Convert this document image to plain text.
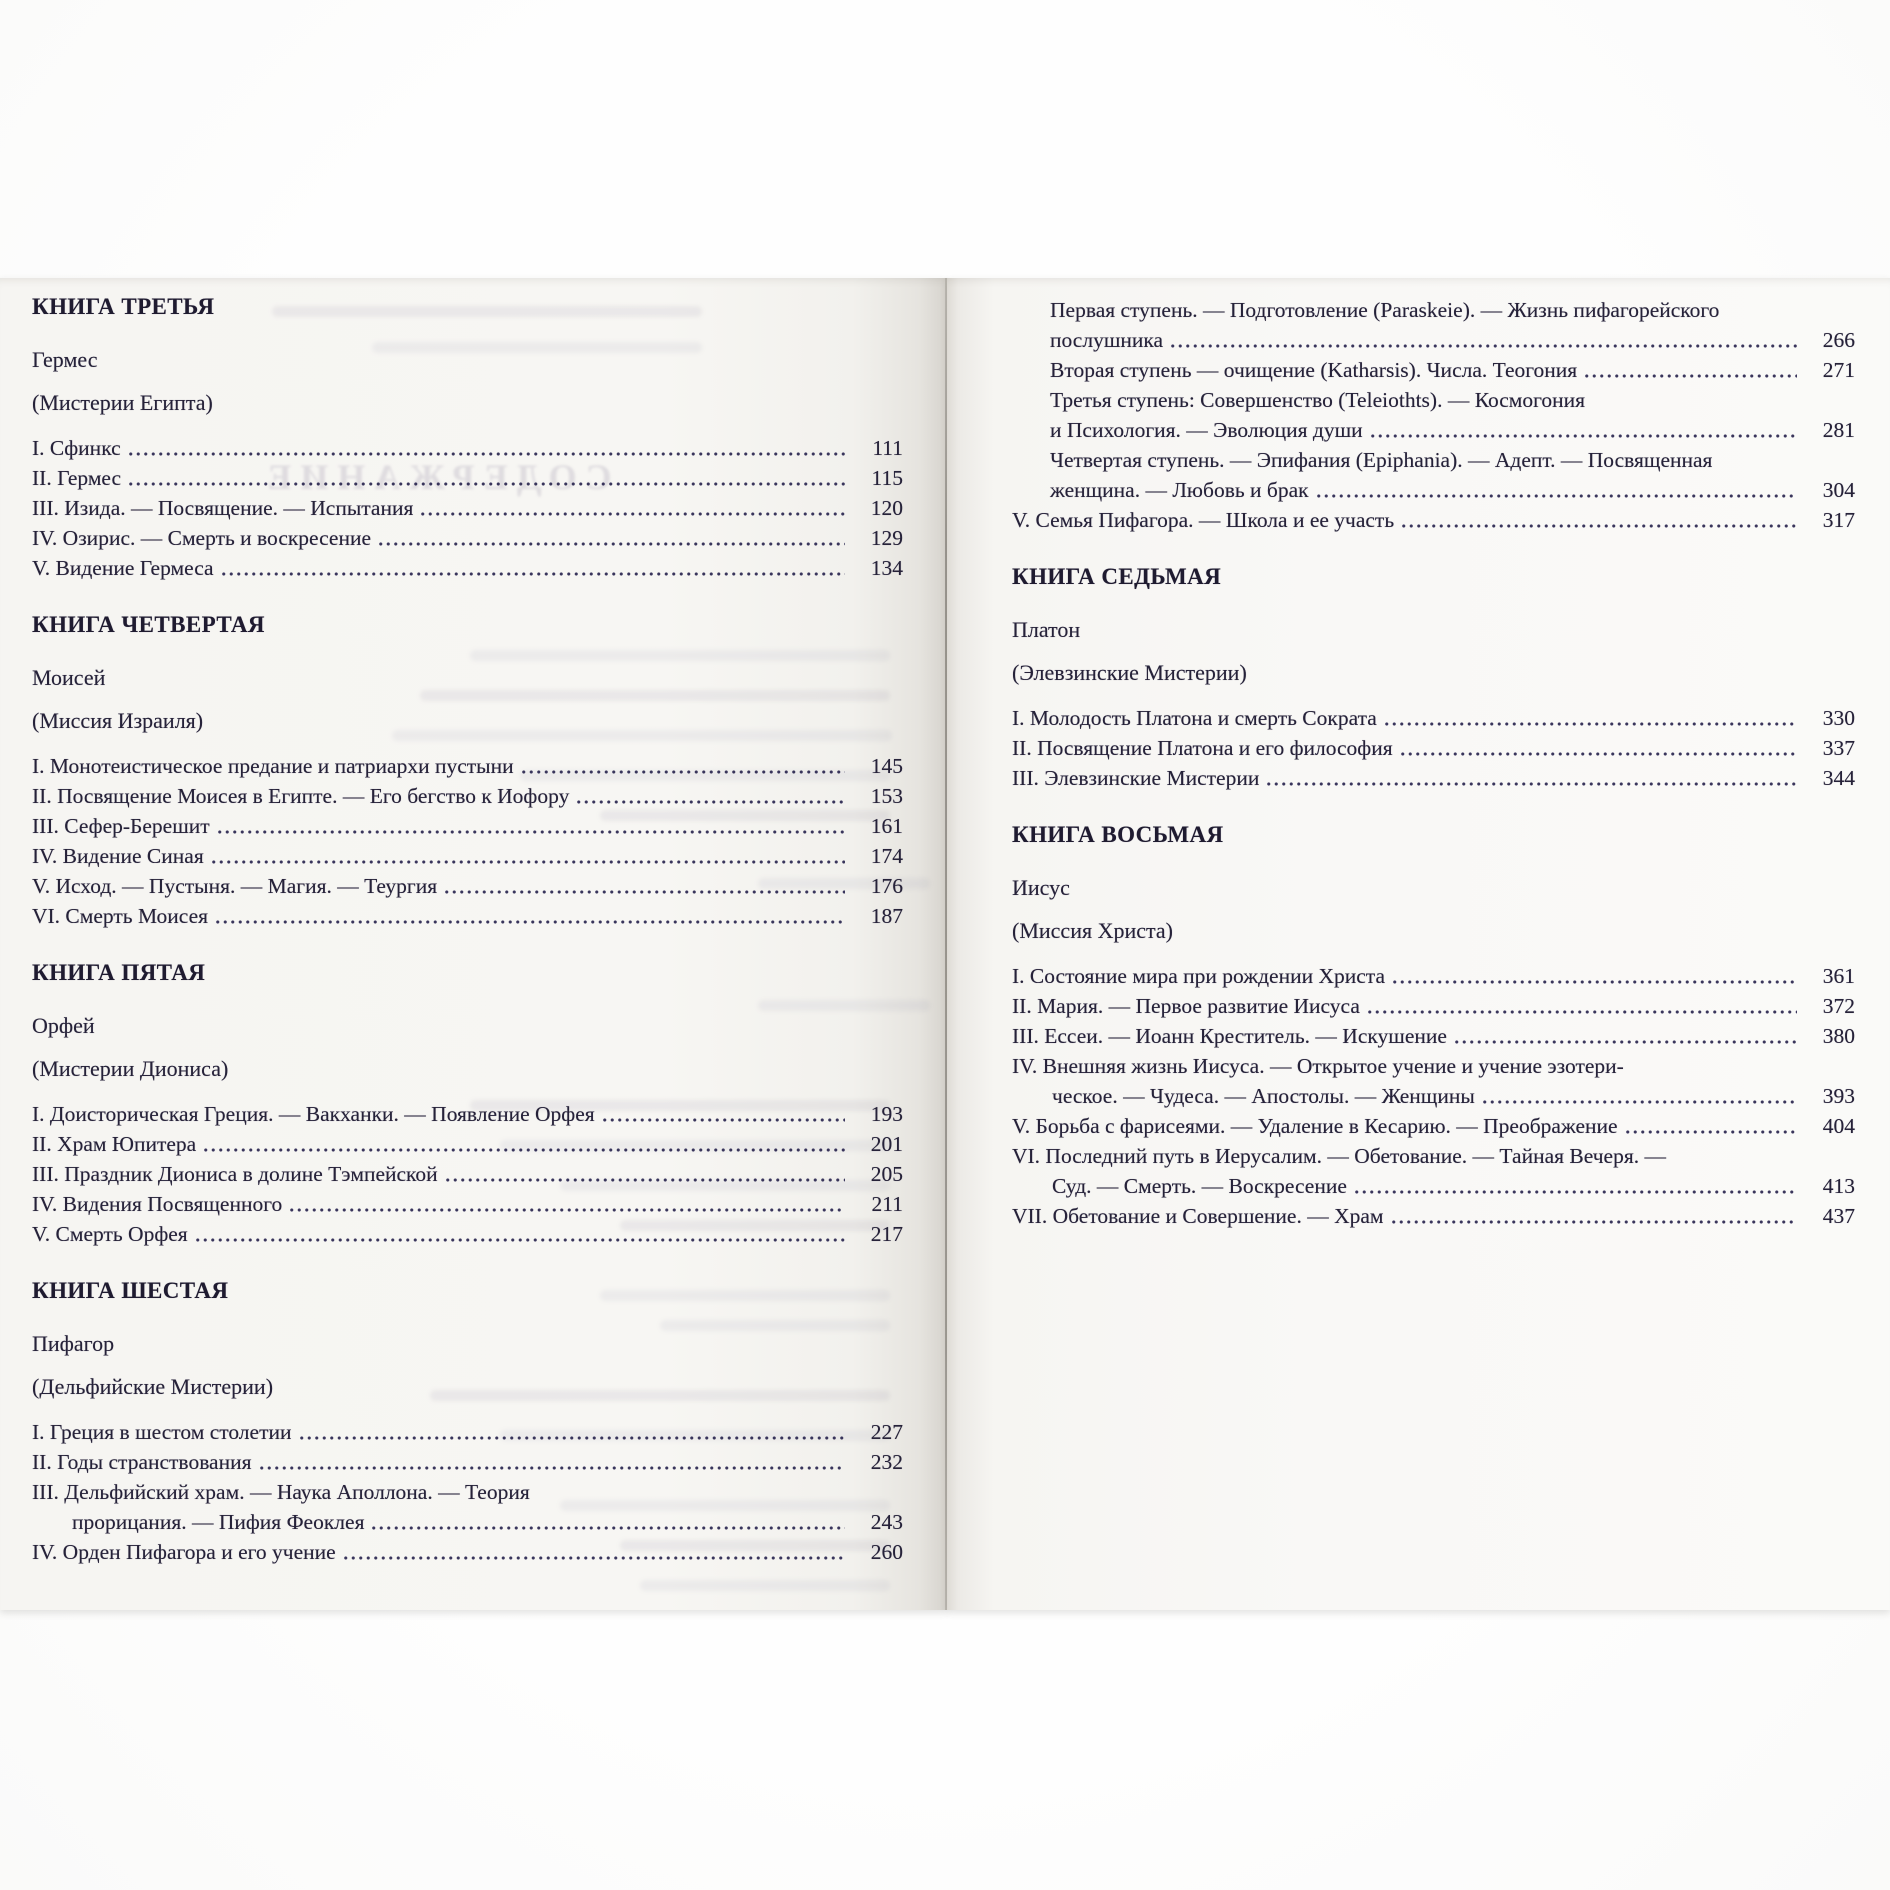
СОДЕРЖАНИЕ
КНИГА ТРЕТЬЯ
Гермес
(Мистерии Египта)
I. Сфинкс	111
II. Гермес	115
III. Изида. — Посвящение. — Испытания	120
IV. Озирис. — Смерть и воскресение	129
V. Видение Гермеса	134
КНИГА ЧЕТВЕРТАЯ
Моисей
(Миссия Израиля)
I. Монотеистическое предание и патриархи пустыни	145
II. Посвящение Моисея в Египте. — Его бегство к Иофору	153
III. Сефер-Берешит	161
IV. Видение Синая	174
V. Исход. — Пустыня. — Магия. — Теургия	176
VI. Смерть Моисея	187
КНИГА ПЯТАЯ
Орфей
(Мистерии Диониса)
I. Доисторическая Греция. — Вакханки. — Появление Орфея	193
II. Храм Юпитера	201
III. Праздник Диониса в долине Тэмпейской	205
IV. Видения Посвященного	211
V. Смерть Орфея	217
КНИГА ШЕСТАЯ
Пифагор
(Дельфийские Мистерии)
I. Греция в шестом столетии	227
II. Годы странствования	232
III. Дельфийский храм. — Наука Аполлона. — Теория
прорицания. — Пифия Феоклея	243
IV. Орден Пифагора и его учение	260
Первая ступень. — Подготовление (Paraskeie). — Жизнь пифагорейского
послушника	266
Вторая ступень — очищение (Katharsis). Числа. Теогония	271
Третья ступень: Совершенство (Teleiothts). — Космогония
и Психология. — Эволюция души	281
Четвертая ступень. — Эпифания (Epiphania). — Адепт. — Посвященная
женщина. — Любовь и брак	304
V. Семья Пифагора. — Школа и ее участь	317
КНИГА СЕДЬМАЯ
Платон
(Элевзинские Мистерии)
I. Молодость Платона и смерть Сократа	330
II. Посвящение Платона и его философия	337
III. Элевзинские Мистерии	344
КНИГА ВОСЬМАЯ
Иисус
(Миссия Христа)
I. Состояние мира при рождении Христа	361
II. Мария. — Первое развитие Иисуса	372
III. Ессеи. — Иоанн Креститель. — Искушение	380
IV. Внешняя жизнь Иисуса. — Открытое учение и учение эзотери-
ческое. — Чудеса. — Апостолы. — Женщины	393
V. Борьба с фарисеями. — Удаление в Кесарию. — Преображение	404
VI. Последний путь в Иерусалим. — Обетование. — Тайная Вечеря. —
Суд. — Смерть. — Воскресение	413
VII. Обетование и Совершение. — Храм	437
